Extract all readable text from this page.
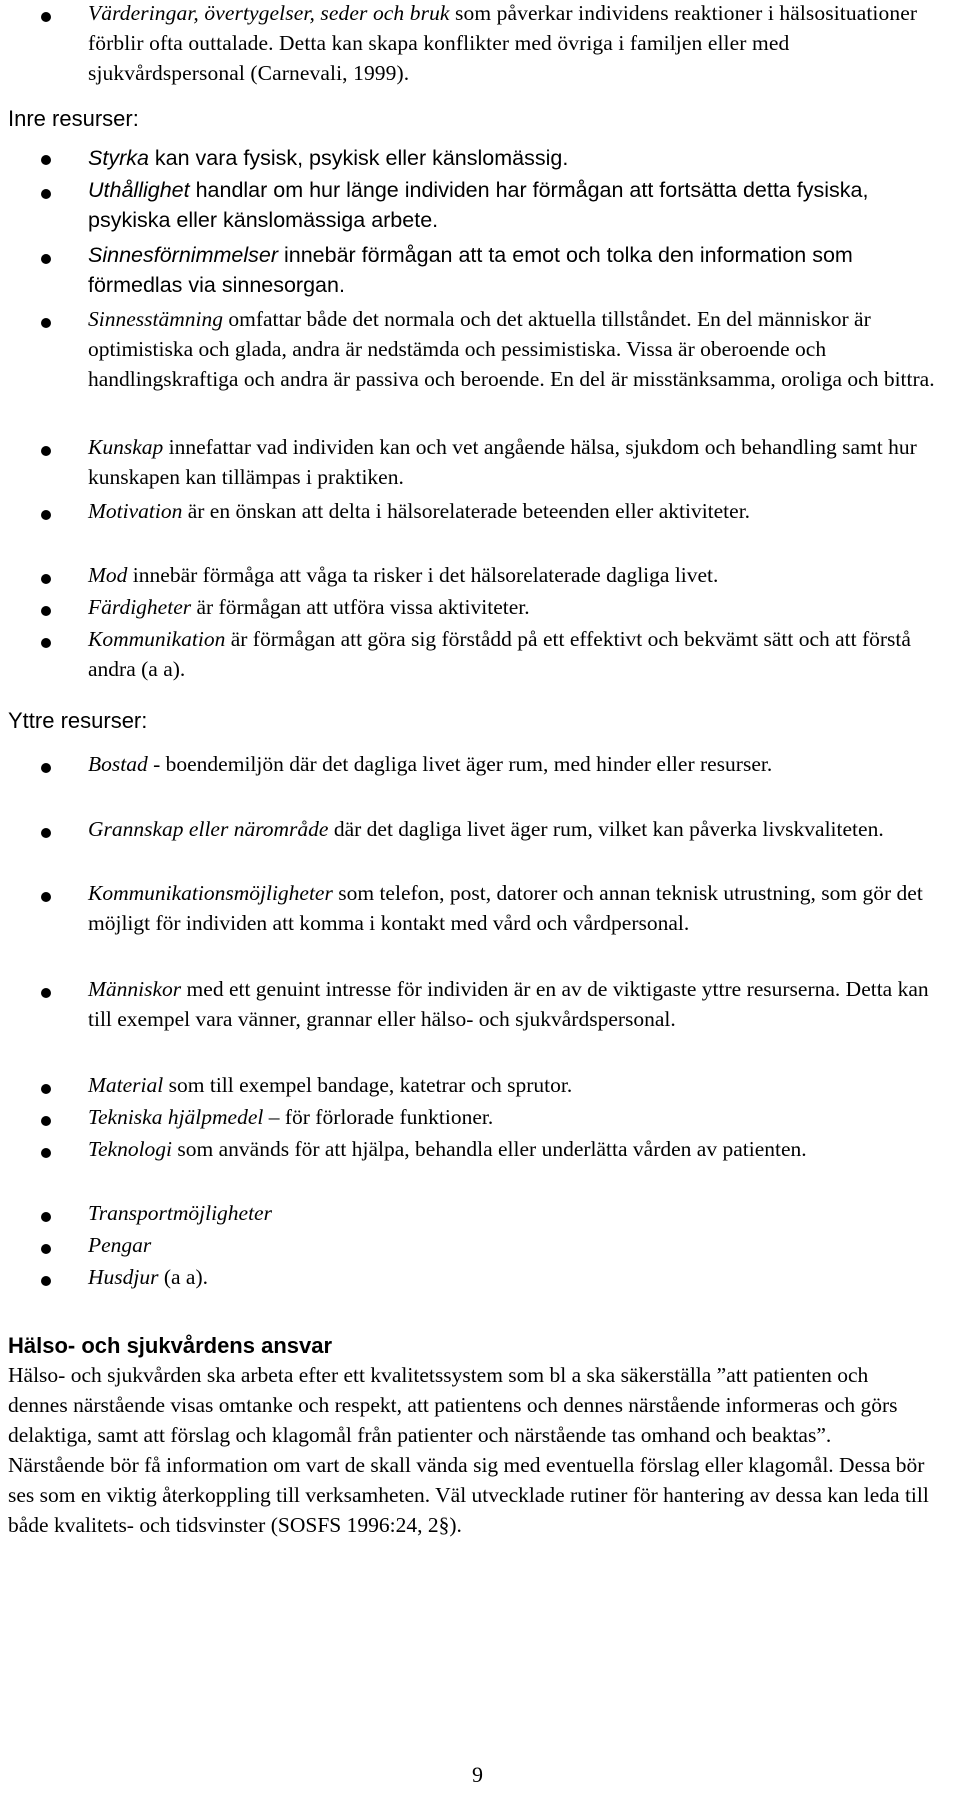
Värderingar, övertygelser, seder och bruk som påverkar individens reaktioner i hälsosituationer förblir ofta outtalade. Detta kan skapa konflikter med övriga i familjen eller med sjukvårdspersonal (Carnevali, 1999).
Inre resurser:
Styrka kan vara fysisk, psykisk eller känslomässig.
Uthållighet handlar om hur länge individen har förmågan att fortsätta detta fysiska, psykiska eller känslomässiga arbete.
Sinnesförnimmelser innebär förmågan att ta emot och tolka den information som förmedlas via sinnesorgan.
Sinnesstämning omfattar både det normala och det aktuella tillståndet. En del människor är optimistiska och glada, andra är nedstämda och pessimistiska. Vissa är oberoende och handlingskraftiga och andra är passiva och beroende. En del är misstänksamma, oroliga och bittra.
Kunskap innefattar vad individen kan och vet angående hälsa, sjukdom och behandling samt hur kunskapen kan tillämpas i praktiken.
Motivation är en önskan att delta i hälsorelaterade beteenden eller aktiviteter.
Mod innebär förmåga att våga ta risker i det hälsorelaterade dagliga livet.
Färdigheter är förmågan att utföra vissa aktiviteter.
Kommunikation är förmågan att göra sig förstådd på ett effektivt och bekvämt sätt och att förstå andra (a a).
Yttre resurser:
Bostad - boendemiljön där det dagliga livet äger rum, med hinder eller resurser.
Grannskap eller närområde där det dagliga livet äger rum, vilket kan påverka livskvaliteten.
Kommunikationsmöjligheter som telefon, post, datorer och annan teknisk utrustning, som gör det möjligt för individen att komma i kontakt med vård och vårdpersonal.
Människor med ett genuint intresse för individen är en av de viktigaste yttre resurserna. Detta kan till exempel vara vänner, grannar eller hälso- och sjukvårdspersonal.
Material som till exempel bandage, katetrar och sprutor.
Tekniska hjälpmedel – för förlorade funktioner.
Teknologi som används för att hjälpa, behandla eller underlätta vården av patienten.
Transportmöjligheter
Pengar
Husdjur (a a).
Hälso- och sjukvårdens ansvar

Hälso- och sjukvården ska arbeta efter ett kvalitetssystem som bl a ska säkerställa ”att patienten och dennes närstående visas omtanke och respekt, att patientens och dennes närstående informeras och görs delaktiga, samt att förslag och klagomål från patienter och närstående tas omhand och beaktas”. Närstående bör få information om vart de skall vända sig med eventuella förslag eller klagomål. Dessa bör ses som en viktig återkoppling till verksamheten. Väl utvecklade rutiner för hantering av dessa kan leda till både kvalitets- och tidsvinster (SOSFS 1996:24, 2§).

9
